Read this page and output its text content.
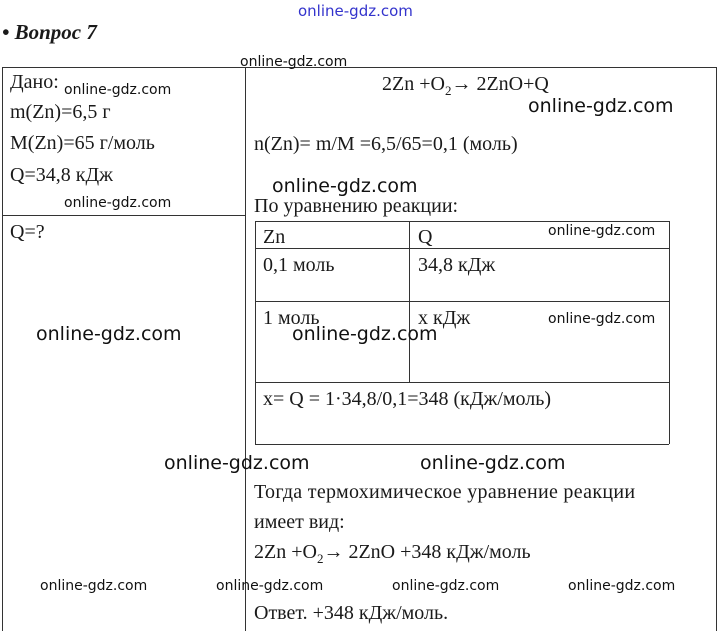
online-gdz.com
• Вопрос 7
Дано:
m(Zn)=6,5 г
M(Zn)=65 г/моль
Q=34,8 кДж
Q=?
$2Zn +O_2\to 2ZnO+Q$
n(Zn)= m/M =6,5/65=0,1 (моль)
По уравнению реакции:
Zn	Q
0,1 моль	34,8 кДж
1 моль	х кДж
х= Q = 1·34,8/0,1=348 (кДж/моль)
Тогда термохимическое уравнение реакции
имеет вид:
$2Zn +O_2\to 2ZnO +348$ кДж/моль
Ответ. +348 кДж/моль.
online-gdz.com
online-gdz.com
online-gdz.com
online-gdz.com
online-gdz.com
online-gdz.com
online-gdz.com
online-gdz.com	online-gdz.com
online-gdz.com	online-gdz.com
online-gdz.com	online-gdz.com	online-gdz.com	online-gdz.com
